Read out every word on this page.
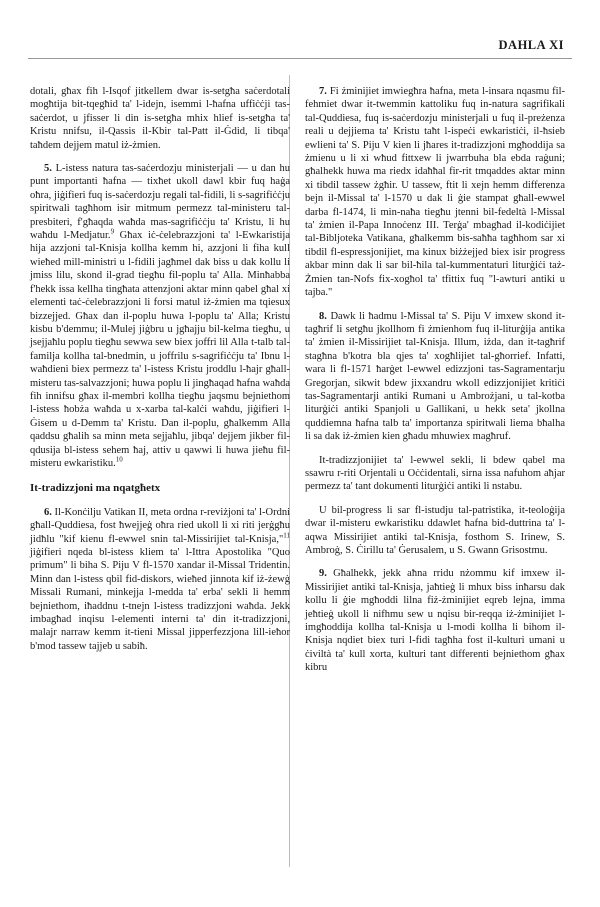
DAHLA XI

dotali, għax fih l-Isqof jitkellem dwar is-setgħa saċerdotali mogħtija bit-tqegħid ta' l-idejn, isemmi l-ħafna uffiċċji tas-saċerdot, u jfisser li din is-setgħa mhix hlief is-setgħa ta' Kristu nnifsu, il-Qassis il-Kbir tal-Patt il-Ġdid, li tibqa' taħdem dejjem matul iż-żmien.

5. L-istess natura tas-saċerdozju ministerjali — u dan hu punt importanti ħafna — tixħet ukoll dawl kbir fuq haġa oħra, jiġifieri fuq is-saċerdozju regali tal-fidili, li s-sagrifiċċju spiritwali tagħhom isir mitmum permezz tal-ministeru tal-presbiteri, f'għaqda waħda mas-sagrifiċċju ta' Kristu, li hu waħdu l-Medjatur.$^9$ Għax iċ-ċelebrazzjoni ta' l-Ewkaristija hija azzjoni tal-Knisja kollha kemm hi, azzjoni li fiha kull wieħed mill-ministri u l-fidili jagħmel dak biss u dak kollu li jmiss lilu, skond il-grad tiegħu fil-poplu ta' Alla. Minħabba f'hekk issa kellha tingħata attenzjoni aktar minn qabel għal xi elementi taċ-ċelebrazzjoni li forsi matul iż-żmien ma tqiesux bizzejjed. Għax dan il-poplu huwa l-poplu ta' Alla; Kristu kisbu b'demmu; il-Mulej jiġbru u jgħajju bil-kelma tiegħu, u jsejjaħlu poplu tiegħu sewwa sew biex joffri lil Alla t-talb tal-familja kollha tal-bnedmin, u joffrilu s-sagrifiċċju ta' Ibnu l-waħdieni biex permezz ta' l-istess Kristu jroddlu l-ħajr għall-misteru tas-salvazzjoni; huwa poplu li jingħaqad ħafna waħda fih innifsu għax il-membri kollha tiegħu jaqsmu bejniethom l-istess ħobża waħda u x-xarba tal-kalċi waħdu, jiġifieri l-Ġisem u d-Demm ta' Kristu. Dan il-poplu, għalkemm Alla qaddsu għalih sa minn meta sejjaħlu, jibqa' dejjem jikber fil-qdusija bl-istess sehem ħaj, attiv u qawwi li huwa jieħu fil-misteru ewkaristiku.$^{10}$

It-tradizzjoni ma nqatgħetx

6. Il-Konċilju Vatikan II, meta ordna r-reviżjoni ta' l-Ordni għall-Quddiesa, fost ħwejjeġ oħra ried ukoll li xi riti jerġgħu jidħlu "kif kienu fl-ewwel snin tal-Missirijiet tal-Knisja,"$^{11}$ jiġifieri nqeda bl-istess kliem ta' l-Ittra Apostolika "Quo primum" li biha S. Piju V fl-1570 xandar il-Missal Tridentin. Minn dan l-istess qbil fid-diskors, wieħed jinnota kif iż-żewġ Missali Rumani, minkejja l-medda ta' erba' sekli li hemm bejniethom, iħaddnu t-tnejn l-istess tradizzjoni waħda. Jekk imbagħad inqisu l-elementi interni ta' din it-tradizzjoni, malajr narraw kemm it-tieni Missal jipperfezzjona lill-ieħor b'mod tassew tajjeb u sabiħ.

7. Fi żminijiet imwiegħra ħafna, meta l-insara nqasmu fil-fehmiet dwar it-twemmin kattoliku fuq in-natura sagrifikali tal-Quddiesa, fuq is-saċerdozju ministerjali u fuq il-preżenza reali u dejjiema ta' Kristu taħt l-ispeċi ewkaristiċi, il-ħsieb ewlieni ta' S. Piju V kien li jħares it-tradizzjoni mgħoddija sa żmienu u li xi wħud fittxew li jwarrbuha bla ebda raġuni; għalhekk huwa ma riedx idaħħal fir-rit tmqaddes aktar minn xi tibdil tassew żgħir. U tassew, ftit li xejn hemm differenza bejn il-Missal ta' l-1570 u dak li ġie stampat għall-ewwel darba fl-1474, li min-naħa tiegħu jtenni bil-fedeltà l-Missal ta' żmien il-Papa Innoċenz III. Terġa' mbagħad il-kodiċijiet tal-Bibljoteka Vatikana, għalkemm bis-saħħa tagħhom sar xi tibdil fl-espressjonijiet, ma kinux biżżejjed biex isir progress akbar minn dak li sar bil-ħila tal-kummentaturi liturġiċi taż-Żmien tan-Nofs fix-xogħol ta' tfittix fuq "l-awturi antiki u tajba."

8. Dawk li ħadmu l-Missal ta' S. Piju V imxew skond it-tagħrif li setgħu jkollhom fi żmienhom fuq il-liturġija antika ta' żmien il-Missirijiet tal-Knisja. Illum, iżda, dan it-tagħrif stagħna b'kotra bla qjes ta' xogħlijiet tal-għorrief. Infatti, wara li fl-1571 ħarġet l-ewwel edizzjoni tas-Sagramentarju Gregorjan, sikwit bdew jixxandru wkoll edizzjonijiet kritiċi tas-Sagramentarji antiki Rumani u Ambrożjani, u tal-kotba liturġiċi antiki Spanjoli u Gallikani, u hekk seta' jkollna quddiemna ħafna talb ta' importanza spiritwali liema bħalha li sa dak iż-żmien kien għadu mhuwiex magħruf.

It-tradizzjonijiet ta' l-ewwel sekli, li bdew qabel ma ssawru r-riti Orjentali u Oċċidentali, sirna issa nafuhom aħjar permezz ta' tant dokumenti liturġiċi antiki li nstabu.

U bil-progress li sar fl-istudju tal-patristika, it-teoloġija dwar il-misteru ewkaristiku ddawlet ħafna bid-duttrina ta' l-aqwa Missirijiet antiki tal-Knisja, fosthom S. Irinew, S. Ambroġ, S. Ċirillu ta' Ġerusalem, u S. Gwann Grisostmu.

9. Għalhekk, jekk aħna rridu nżommu kif imxew il-Missirijiet antiki tal-Knisja, jaħtieġ li mhux biss inħarsu dak kollu li ġie mgħoddi lilna fiż-żminijiet eqreb lejna, imma jeħtieġ ukoll li nifhmu sew u nqisu bir-reqqa iż-żminijiet l-imgħoddija kollha tal-Knisja u l-modi kollha li bihom il-Knisja nqdiet biex turi l-fidi tagħha fost il-kulturi umani u ċiviltà ta' kull xorta, kulturi tant differenti bejniethom għax kibru
